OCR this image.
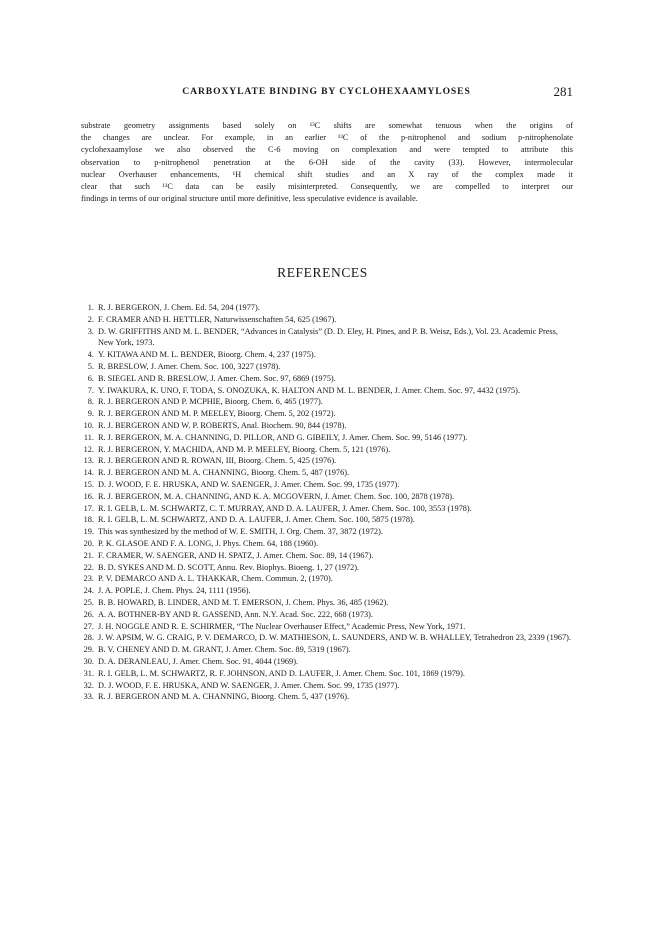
CARBOXYLATE BINDING BY CYCLOHEXAAMYLOSES	281

substrate geometry assignments based solely on ¹³C shifts are somewhat tenuous when the origins of

the changes are unclear. For example, in an earlier ¹³C of the p-nitrophenol and sodium p-nitrophenolate

cyclohexaamylose we also observed the C-6 moving on complexation and were tempted to attribute this

observation to p-nitrophenol penetration at the 6-OH side of the cavity (33). However, intermolecular

nuclear Overhauser enhancements, ¹H chemical shift studies and an X ray of the complex made it

clear that such ¹³C data can be easily misinterpreted. Consequently, we are compelled to interpret our

findings in terms of our original structure until more definitive, less speculative evidence is available.

REFERENCES
1. R. J. BERGERON, J. Chem. Ed. 54, 204 (1977).
2. F. CRAMER AND H. HETTLER, Naturwissenschaften 54, 625 (1967).
3. D. W. GRIFFITHS AND M. L. BENDER, “Advances in Catalysis” (D. D. Eley, H. Pines, and P. B. Weisz, Eds.), Vol. 23. Academic Press, New York, 1973.
4. Y. KITAWA AND M. L. BENDER, Bioorg. Chem. 4, 237 (1975).
5. R. BRESLOW, J. Amer. Chem. Soc. 100, 3227 (1978).
6. B. SIEGEL AND R. BRESLOW, J. Amer. Chem. Soc. 97, 6869 (1975).
7. Y. IWAKURA, K. UNO, F. TODA, S. ONOZUKA, K. HALTON AND M. L. BENDER, J. Amer. Chem. Soc. 97, 4432 (1975).
8. R. J. BERGERON AND P. MCPHIE, Bioorg. Chem. 6, 465 (1977).
9. R. J. BERGERON AND M. P. MEELEY, Bioorg. Chem. 5, 202 (1972).
10. R. J. BERGERON AND W. P. ROBERTS, Anal. Biochem. 90, 844 (1978).
11. R. J. BERGERON, M. A. CHANNING, D. PILLOR, AND G. GIBEILY, J. Amer. Chem. Soc. 99, 5146 (1977).
12. R. J. BERGERON, Y. MACHIDA, AND M. P. MEELEY, Bioorg. Chem. 5, 121 (1976).
13. R. J. BERGERON AND R. ROWAN, III, Bioorg. Chem. 5, 425 (1976).
14. R. J. BERGERON AND M. A. CHANNING, Bioorg. Chem. 5, 487 (1976).
15. D. J. WOOD, F. E. HRUSKA, AND W. SAENGER, J. Amer. Chem. Soc. 99, 1735 (1977).
16. R. J. BERGERON, M. A. CHANNING, AND K. A. MCGOVERN, J. Amer. Chem. Soc. 100, 2878 (1978).
17. R. I. GELB, L. M. SCHWARTZ, C. T. MURRAY, AND D. A. LAUFER, J. Amer. Chem. Soc. 100, 3553 (1978).
18. R. I. GELB, L. M. SCHWARTZ, AND D. A. LAUFER, J. Amer. Chem. Soc. 100, 5875 (1978).
19. This was synthesized by the method of W. E. SMITH, J. Org. Chem. 37, 3872 (1972).
20. P. K. GLASOE AND F. A. LONG, J. Phys. Chem. 64, 188 (1960).
21. F. CRAMER, W. SAENGER, AND H. SPATZ, J. Amer. Chem. Soc. 89, 14 (1967).
22. B. D. SYKES AND M. D. SCOTT, Annu. Rev. Biophys. Bioeng. 1, 27 (1972).
23. P. V. DEMARCO AND A. L. THAKKAR, Chem. Commun. 2, (1970).
24. J. A. POPLE, J. Chem. Phys. 24, 1111 (1956).
25. B. B. HOWARD, B. LINDER, AND M. T. EMERSON, J. Chem. Phys. 36, 485 (1962).
26. A. A. BOTHNER-BY AND R. GASSEND, Ann. N.Y. Acad. Soc. 222, 668 (1973).
27. J. H. NOGGLE AND R. E. SCHIRMER, “The Nuclear Overhauser Effect,” Academic Press, New York, 1971.
28. J. W. APSIM, W. G. CRAIG, P. V. DEMARCO, D. W. MATHIESON, L. SAUNDERS, AND W. B. WHALLEY, Tetrahedron 23, 2339 (1967).
29. B. V. CHENEY AND D. M. GRANT, J. Amer. Chem. Soc. 89, 5319 (1967).
30. D. A. DERANLEAU, J. Amer. Chem. Soc. 91, 4044 (1969).
31. R. I. GELB, L. M. SCHWARTZ, R. F. JOHNSON, AND D. LAUFER, J. Amer. Chem. Soc. 101, 1869 (1979).
32. D. J. WOOD, F. E. HRUSKA, AND W. SAENGER, J. Amer. Chem. Soc. 99, 1735 (1977).
33. R. J. BERGERON AND M. A. CHANNING, Bioorg. Chem. 5, 437 (1976).
